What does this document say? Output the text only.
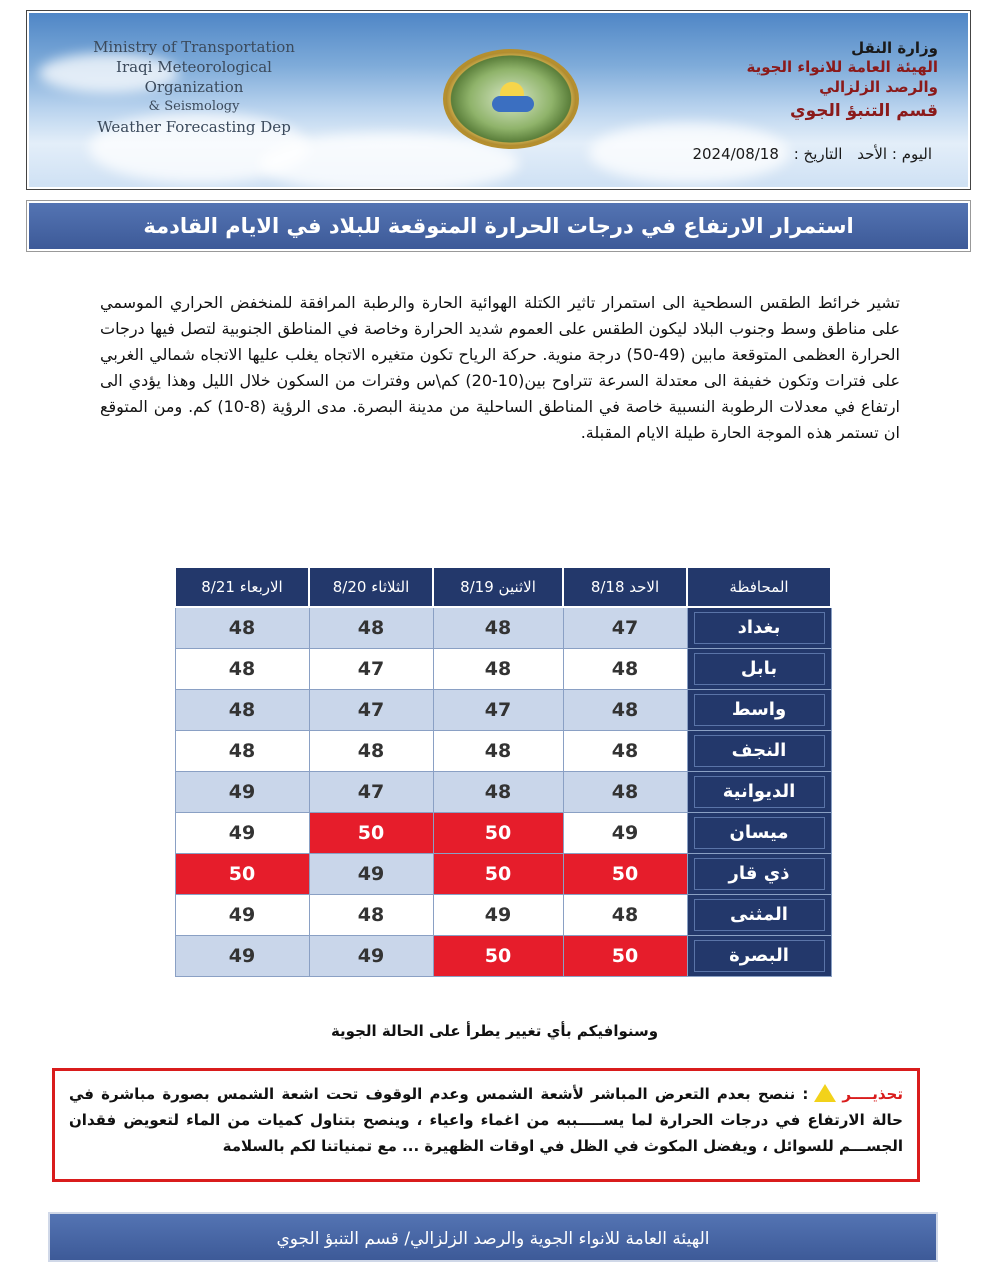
Ministry of Transportation
Iraqi Meteorological Organization
& Seismology
Weather Forecasting Dep
وزارة النقل
الهيئة العامة للانواء الجوية
والرصد الزلزالي
قسم التنبؤ الجوي
اليوم : الأحد التاريخ : 2024/08/18
استمرار الارتفاع في درجات الحرارة المتوقعة للبلاد في الايام القادمة
تشير خرائط الطقس السطحية الى استمرار تاثير الكتلة الهوائية الحارة والرطبة المرافقة للمنخفض الحراري الموسمي على مناطق وسط وجنوب البلاد ليكون الطقس على العموم شديد الحرارة وخاصة في المناطق الجنوبية لتصل فيها درجات الحرارة العظمى المتوقعة مابين (49-50) درجة منوية. حركة الرياح تكون متغيره الاتجاه يغلب عليها الاتجاه شمالي الغربي على فترات وتكون خفيفة الى معتدلة السرعة تتراوح بين(10-20) كم\س وفترات من السكون خلال الليل وهذا يؤدي الى ارتفاع في معدلات الرطوبة النسبية خاصة في المناطق الساحلية من مدينة البصرة. مدى الرؤية (8-10) كم. ومن المتوقع ان تستمر هذه الموجة الحارة طيلة الايام المقبلة.
المحافظة	الاحد 8/18	الاثنين 8/19	الثلاثاء 8/20	الاربعاء 8/21

بغداد	47	48	48	48

بابل	48	48	47	48

واسط	48	47	47	48

النجف	48	48	48	48

الديوانية	48	48	47	49

ميسان	49	50	50	49

ذي قار	50	50	49	50

المثنى	48	49	48	49

البصرة	50	50	49	49
وسنوافيكم بأي تغيير يطرأ على الحالة الجوية
تحذيــــر: ننصح بعدم التعرض المباشر لأشعة الشمس وعدم الوقوف تحت اشعة الشمس بصورة مباشرة في حالة الارتفاع في درجات الحرارة لما يســـــببه من اغماء واعياء ، وينصح بتناول كميات من الماء لتعويض فقدان الجســـم للسوائل ، ويفضل المكوث في الظل في اوقات الظهيرة ... مع تمنياتنا لكم بالسلامة
الهيئة العامة للانواء الجوية والرصد الزلزالي/ قسم التنبؤ الجوي
